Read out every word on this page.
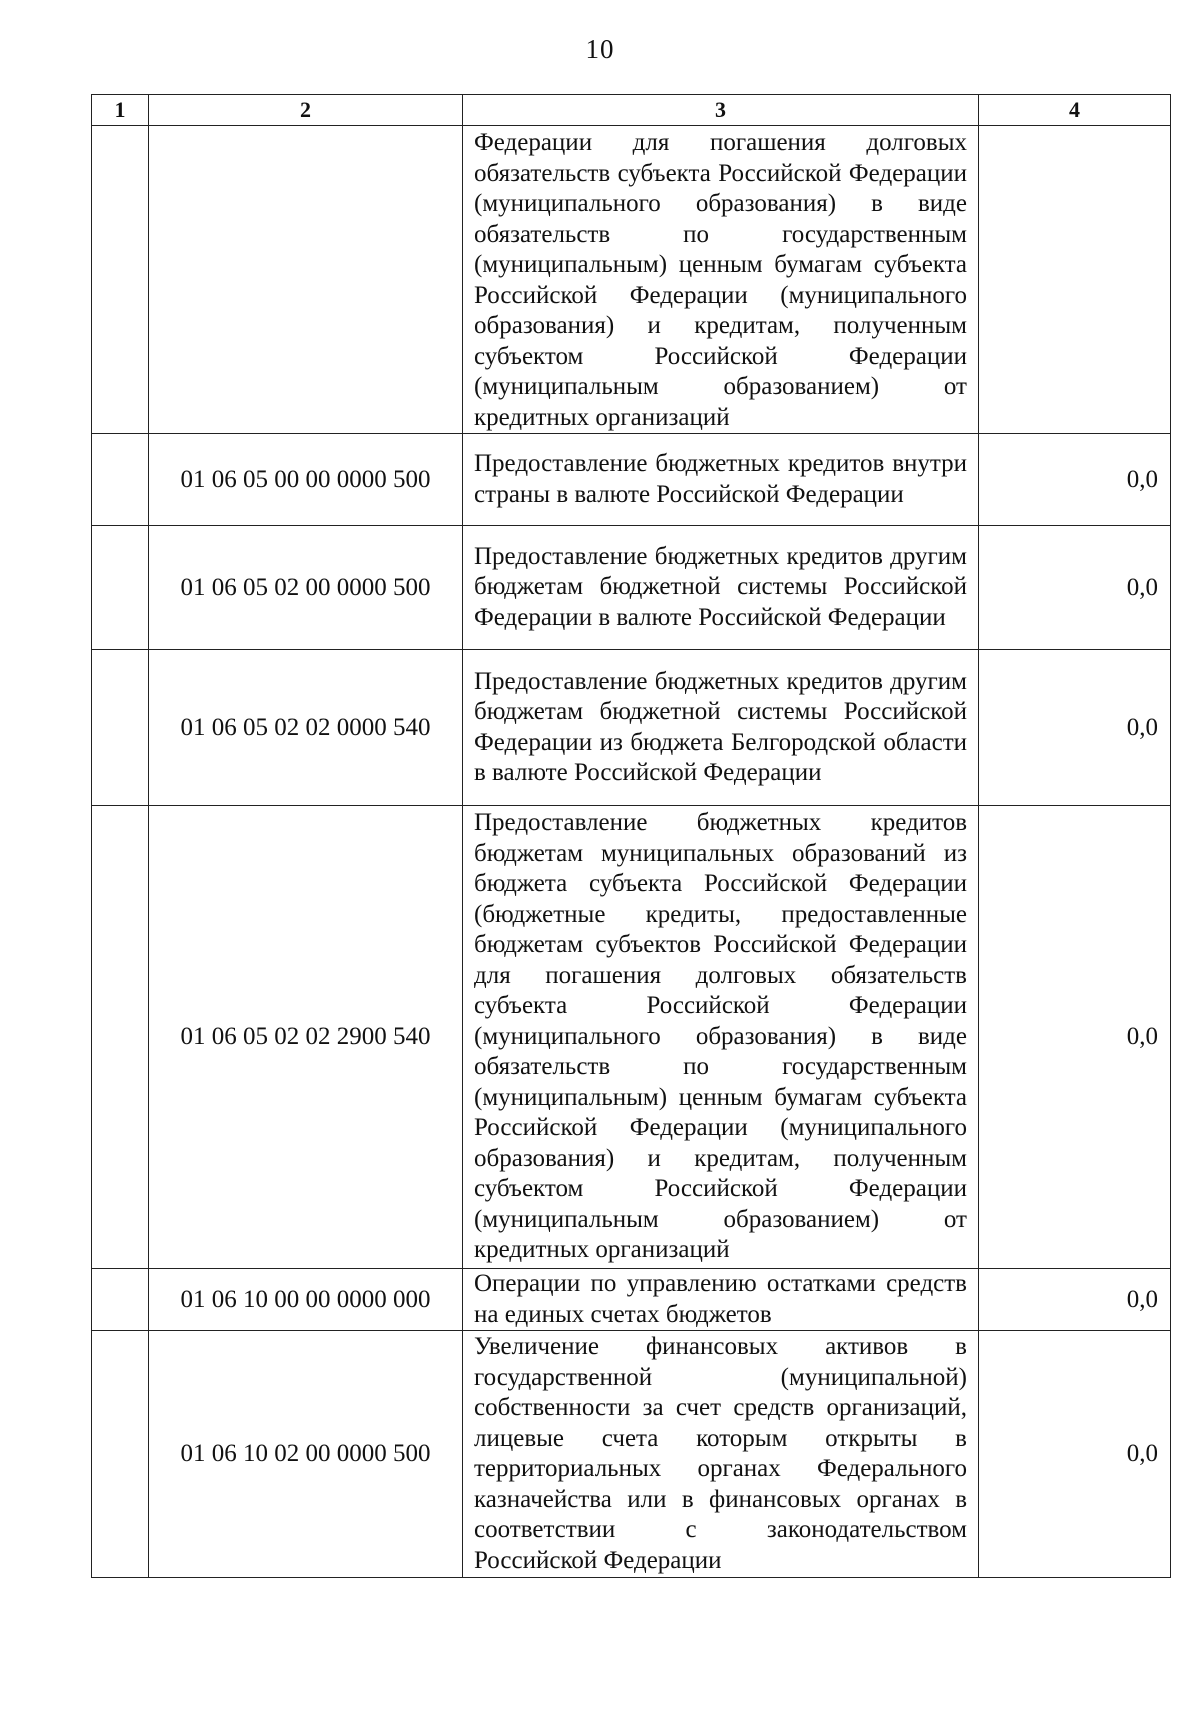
10
1	2	3	4
		Федерации для погашения долговых обязательств субъекта Российской Федерации (муниципального образования) в виде обязательств по государственным (муниципальным) ценным бумагам субъекта Российской Федерации (муниципального образования) и кредитам, полученным субъектом Российской Федерации (муниципальным образованием) от кредитных организаций	
	01 06 05 00 00 0000 500	Предоставление бюджетных кредитов внутри страны в валюте Российской Федерации	0,0
	01 06 05 02 00 0000 500	Предоставление бюджетных кредитов другим бюджетам бюджетной системы Российской Федерации в валюте Российской Федерации	0,0
	01 06 05 02 02 0000 540	Предоставление бюджетных кредитов другим бюджетам бюджетной системы Российской Федерации из бюджета Белгородской области в валюте Российской Федерации	0,0
	01 06 05 02 02 2900 540	Предоставление бюджетных кредитов бюджетам муниципальных образований из бюджета субъекта Российской Федерации (бюджетные кредиты, предоставленные бюджетам субъектов Российской Федерации для погашения долговых обязательств субъекта Российской Федерации (муниципального образования) в виде обязательств по государственным (муниципальным) ценным бумагам субъекта Российской Федерации (муниципального образования) и кредитам, полученным субъектом Российской Федерации (муниципальным образованием) от кредитных организаций	0,0
	01 06 10 00 00 0000 000	Операции по управлению остатками средств на единых счетах бюджетов	0,0
	01 06 10 02 00 0000 500	Увеличение финансовых активов в государственной (муниципальной) собственности за счет средств организаций, лицевые счета которым открыты в территориальных органах Федерального казначейства или в финансовых органах в соответствии с законодательством Российской Федерации	0,0
